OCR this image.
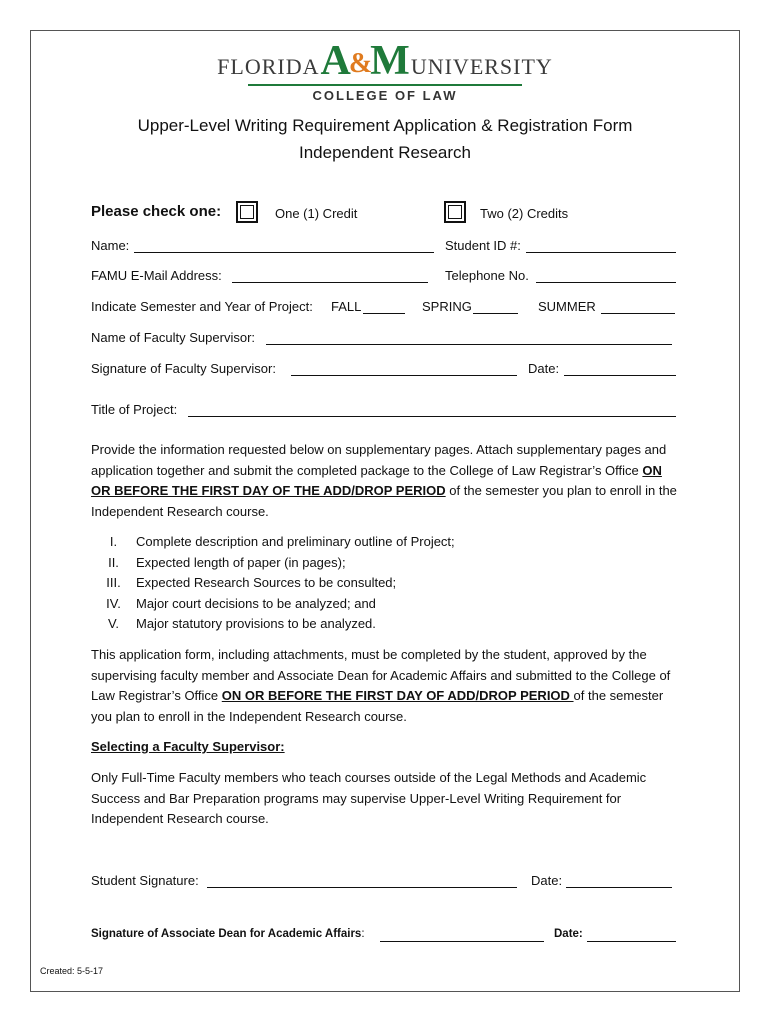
FLORIDA A
&
M UNIVERSITY
COLLEGE OF LAW
Upper-Level Writing Requirement Application & Registration Form
Independent Research
Please check one:	One (1) Credit	Two (2) Credits
Name:	Student ID #:
FAMU E-Mail Address:	Telephone No.
Indicate Semester and Year of Project: FALL	SPRING	SUMMER
Name of Faculty Supervisor:
Signature of Faculty Supervisor:	Date:
Title of Project:
Provide the information requested below on supplementary pages. Attach supplementary pages and application together and submit the completed package to the College of Law Registrar’s Office ON OR BEFORE THE FIRST DAY OF THE ADD/DROP PERIOD of the semester you plan to enroll in the Independent Research course.
I.	Complete description and preliminary outline of Project;
II.	Expected length of paper (in pages);
III.	Expected Research Sources to be consulted;
IV.	Major court decisions to be analyzed; and
V.	Major statutory provisions to be analyzed.
This application form, including attachments, must be completed by the student, approved by the supervising faculty member and Associate Dean for Academic Affairs and submitted to the College of Law Registrar’s Office ON OR BEFORE THE FIRST DAY OF ADD/DROP PERIOD of the semester you plan to enroll in the Independent Research course.
Selecting a Faculty Supervisor:
Only Full-Time Faculty members who teach courses outside of the Legal Methods and Academic Success and Bar Preparation programs may supervise Upper-Level Writing Requirement for Independent Research course.
Student Signature:	Date:
Signature of Associate Dean for Academic Affairs:	Date:
Created: 5-5-17
